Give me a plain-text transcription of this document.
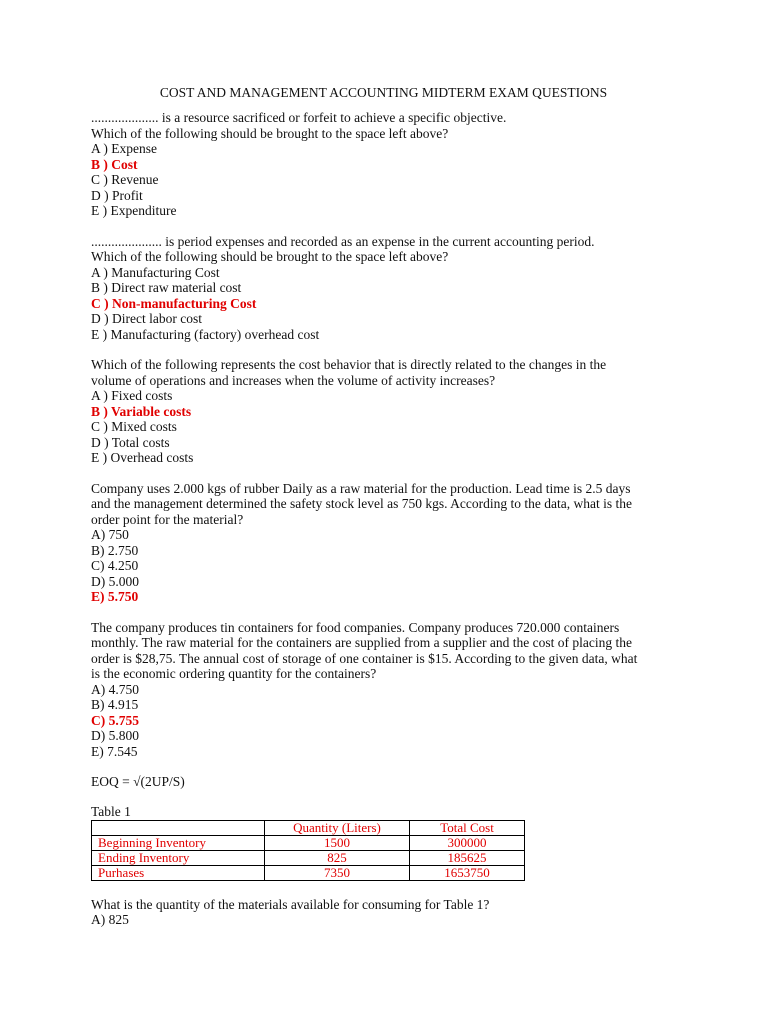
COST AND MANAGEMENT ACCOUNTING MIDTERM EXAM QUESTIONS
.................... is a resource sacrificed or forfeit to achieve a specific objective.
Which of the following should be brought to the space left above?
A ) Expense
B ) Cost
C ) Revenue
D ) Profit
E ) Expenditure
..................... is period expenses and recorded as an expense in the current accounting period.
Which of the following should be brought to the space left above?
A ) Manufacturing Cost
B ) Direct raw material cost
C ) Non-manufacturing Cost
D ) Direct labor cost
E ) Manufacturing (factory) overhead cost
Which of the following represents the cost behavior that is directly related to the changes in the
volume of operations and increases when the volume of activity increases?
A ) Fixed costs
B ) Variable costs
C ) Mixed costs
D ) Total costs
E ) Overhead costs
Company uses 2.000 kgs of rubber Daily as a raw material for the production. Lead time is 2.5 days
and the management determined the safety stock level as 750 kgs. According to the data, what is the
order point for the material?
A) 750
B) 2.750
C) 4.250
D) 5.000
E) 5.750
The company produces tin containers for food companies. Company produces 720.000 containers
monthly. The raw material for the containers are supplied from a supplier and the cost of placing the
order is $28,75. The annual cost of storage of one container is $15. According to the given data, what
is the economic ordering quantity for the containers?
A) 4.750
B) 4.915
C) 5.755
D) 5.800
E) 7.545
EOQ = √(2UP/S)
Table 1
	Quantity (Liters)	Total Cost
Beginning Inventory	1500	300000
Ending Inventory	825	185625
Purhases	7350	1653750
What is the quantity of the materials available for consuming for Table 1?
A) 825
